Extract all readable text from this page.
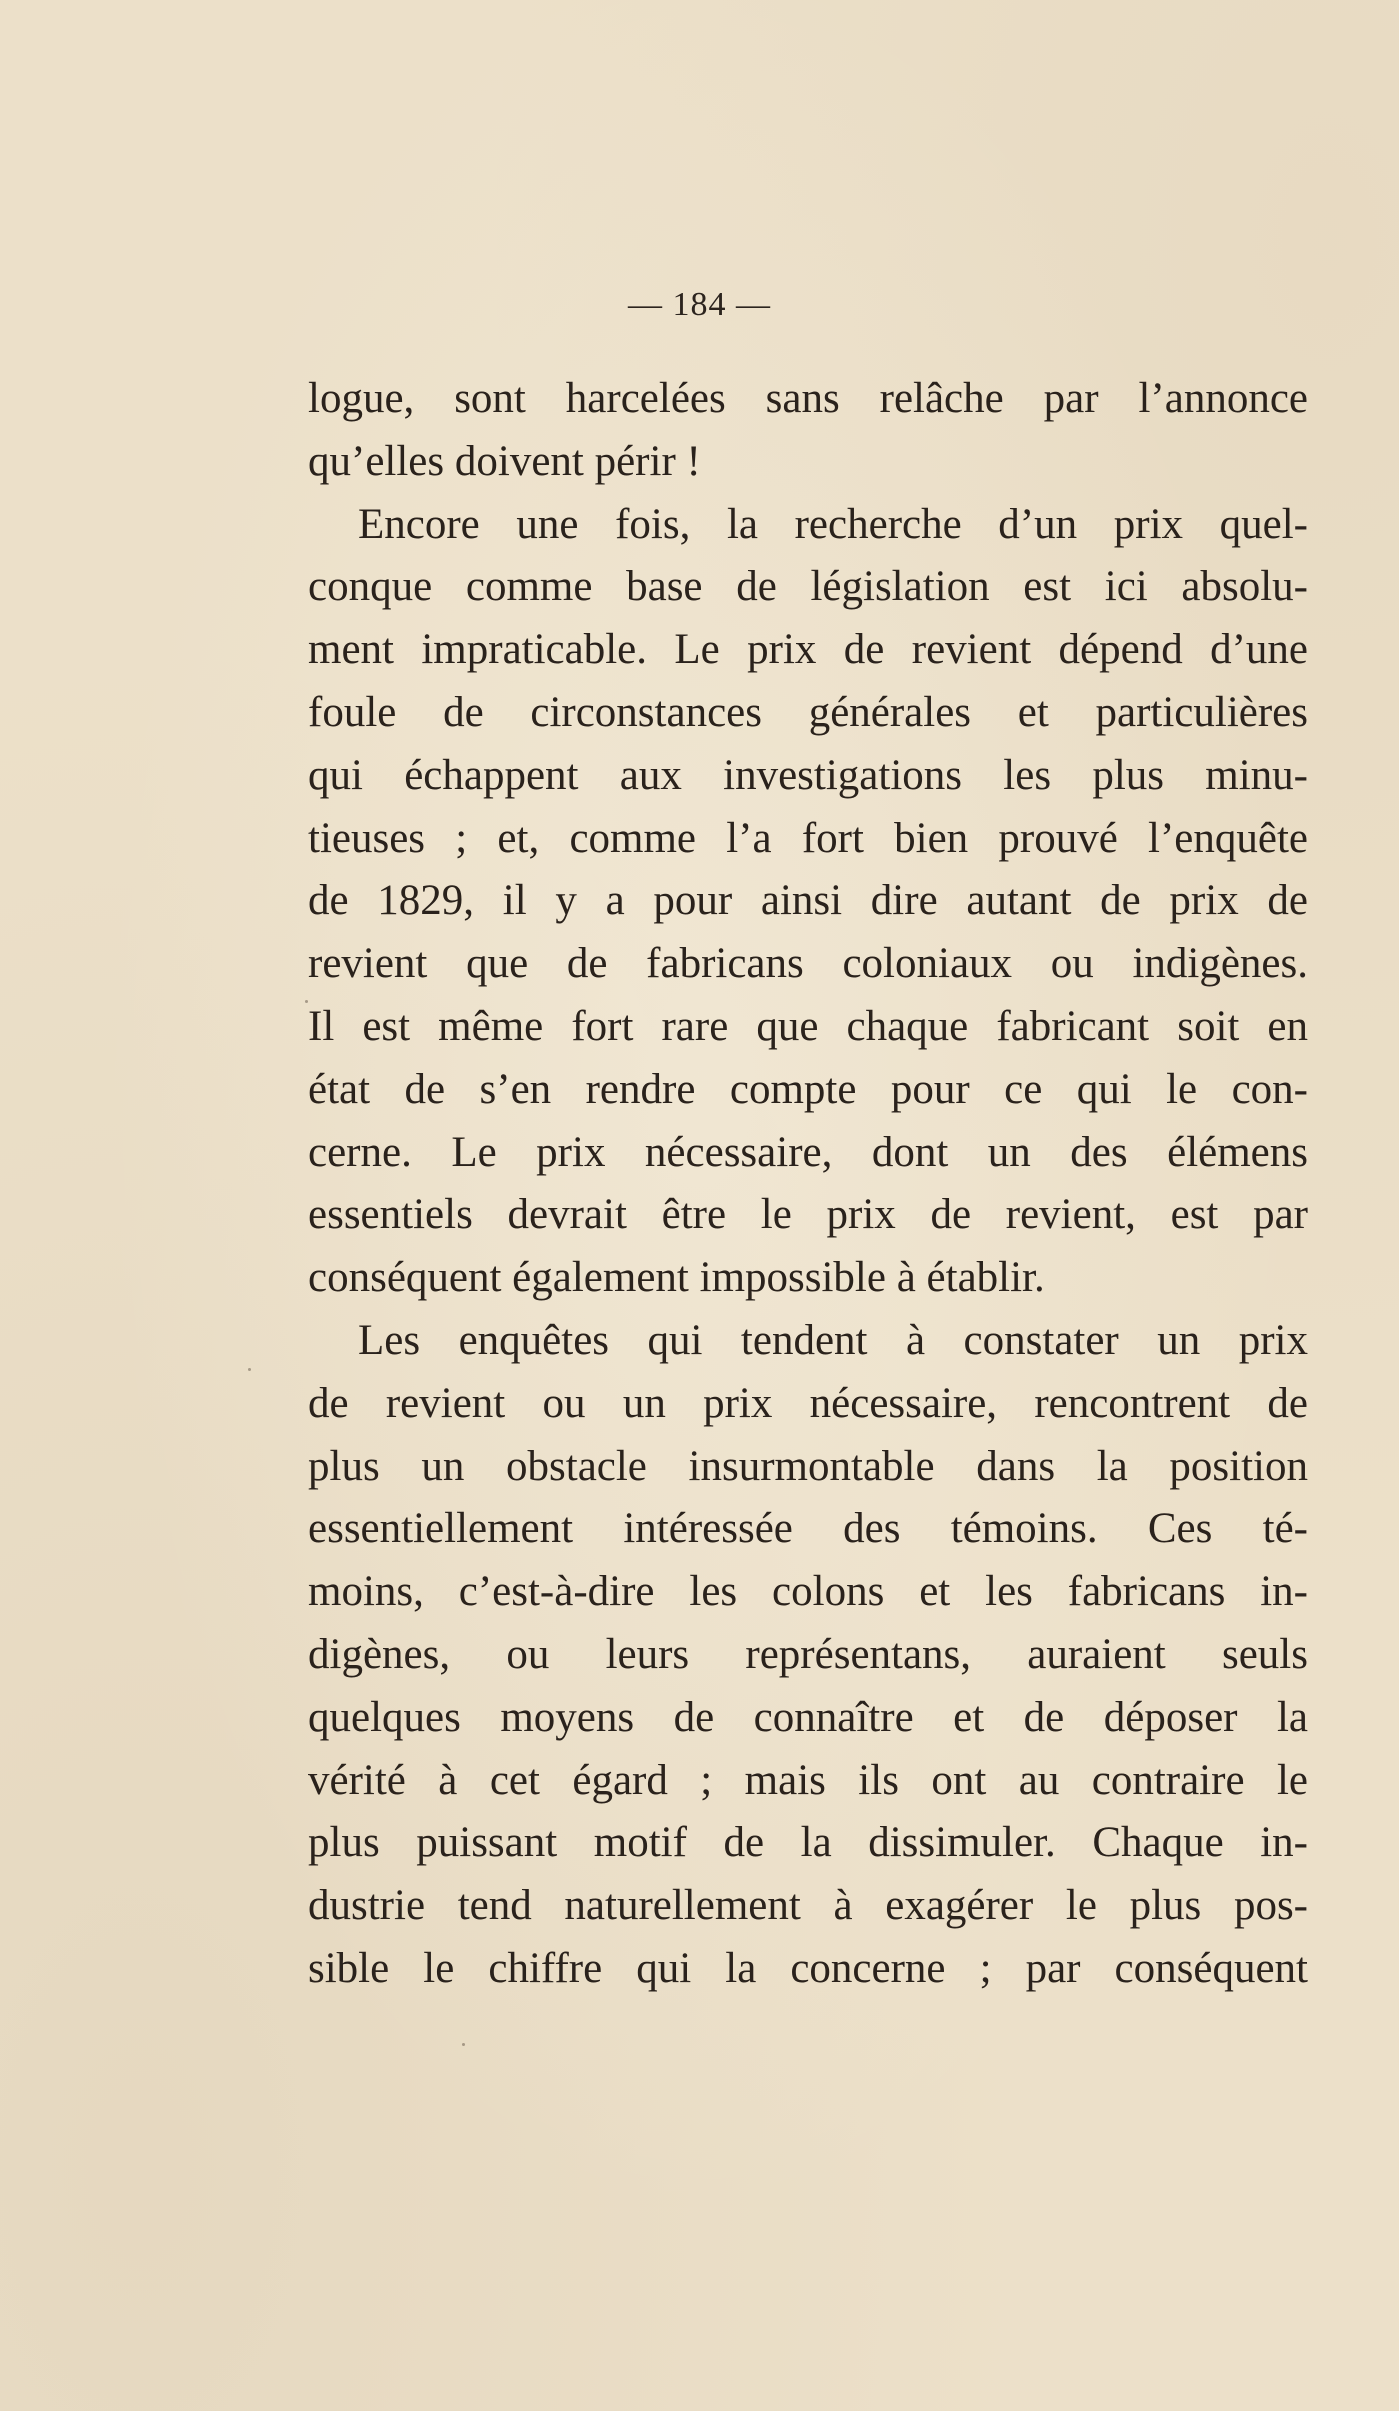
— 184 —
logue, sont harcelées sans relâche par l’annonce
qu’elles doivent périr !
Encore une fois, la recherche d’un prix quel-
conque comme base de législation est ici absolu-
ment impraticable. Le prix de revient dépend d’une
foule de circonstances générales et particulières
qui échappent aux investigations les plus minu-
tieuses ; et, comme l’a fort bien prouvé l’enquête
de 1829, il y a pour ainsi dire autant de prix de
revient que de fabricans coloniaux ou indigènes.
Il est même fort rare que chaque fabricant soit en
état de s’en rendre compte pour ce qui le con-
cerne. Le prix nécessaire, dont un des élémens
essentiels devrait être le prix de revient, est par
conséquent également impossible à établir.
Les enquêtes qui tendent à constater un prix
de revient ou un prix nécessaire, rencontrent de
plus un obstacle insurmontable dans la position
essentiellement intéressée des témoins. Ces té-
moins, c’est-à-dire les colons et les fabricans in-
digènes, ou leurs représentans, auraient seuls
quelques moyens de connaître et de déposer la
vérité à cet égard ; mais ils ont au contraire le
plus puissant motif de la dissimuler. Chaque in-
dustrie tend naturellement à exagérer le plus pos-
sible le chiffre qui la concerne ; par conséquent
